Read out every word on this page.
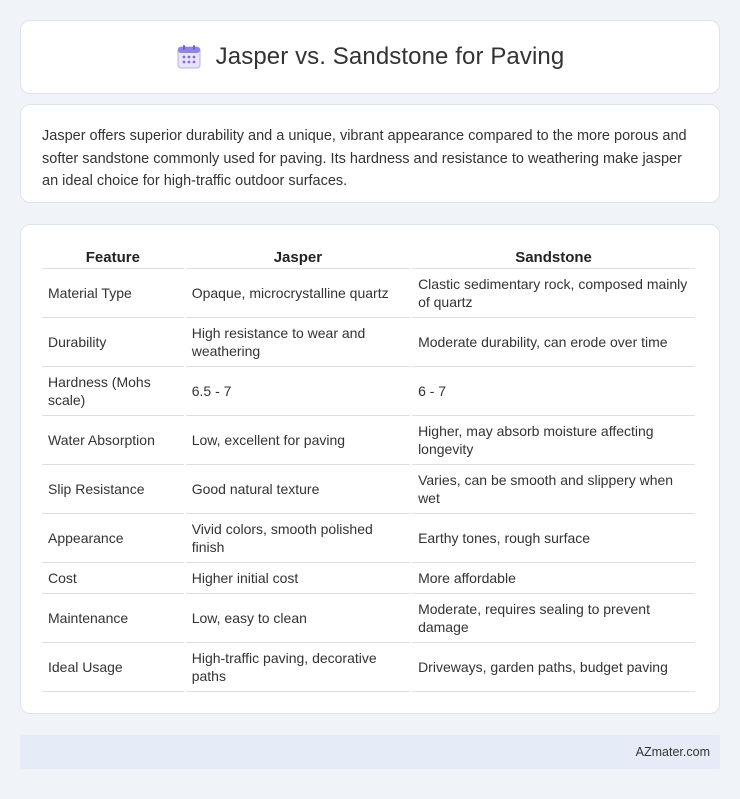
Jasper vs. Sandstone for Paving

Jasper offers superior durability and a unique, vibrant appearance compared to the more porous and softer sandstone commonly used for paving. Its hardness and resistance to weathering make jasper an ideal choice for high-traffic outdoor surfaces.

Feature	Jasper	Sandstone
Material Type	Opaque, microcrystalline quartz	Clastic sedimentary rock, composed mainly of quartz
Durability	High resistance to wear and weathering	Moderate durability, can erode over time
Hardness (Mohs scale)	6.5 - 7	6 - 7
Water Absorption	Low, excellent for paving	Higher, may absorb moisture affecting longevity
Slip Resistance	Good natural texture	Varies, can be smooth and slippery when wet
Appearance	Vivid colors, smooth polished finish	Earthy tones, rough surface
Cost	Higher initial cost	More affordable
Maintenance	Low, easy to clean	Moderate, requires sealing to prevent damage
Ideal Usage	High-traffic paving, decorative paths	Driveways, garden paths, budget paving
AZmater.com
